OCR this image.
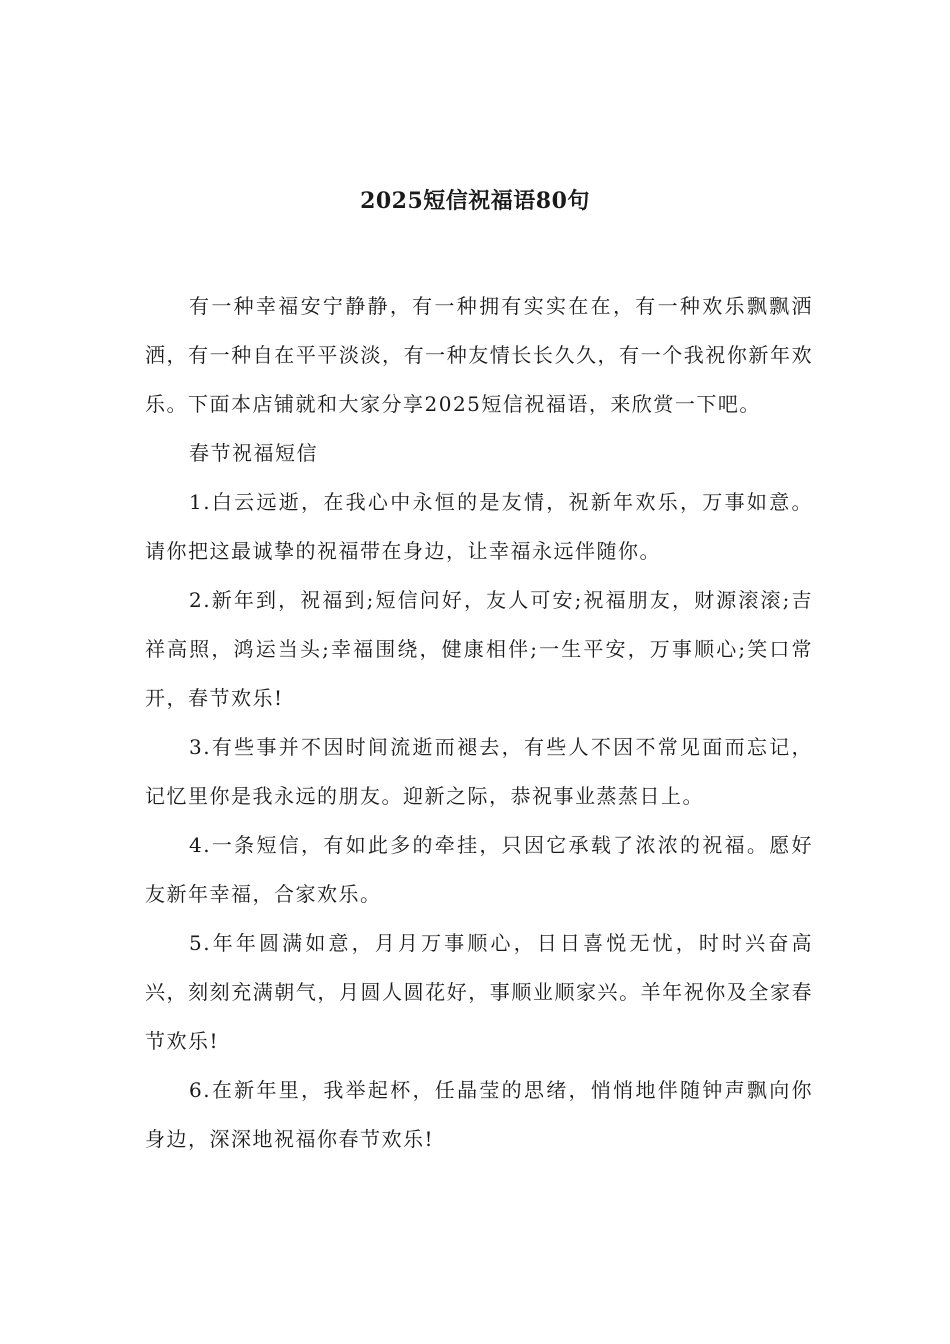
2025短信祝福语80句

有一种幸福安宁静静，有一种拥有实实在在，有一种欢乐飘飘洒洒，有一种自在平平淡淡，有一种友情长长久久，有一个我祝你新年欢乐。下面本店铺就和大家分享2025短信祝福语，来欣赏一下吧。

春节祝福短信

1.白云远逝，在我心中永恒的是友情，祝新年欢乐，万事如意。请你把这最诚挚的祝福带在身边，让幸福永远伴随你。

2.新年到，祝福到;短信问好，友人可安;祝福朋友，财源滚滚;吉祥高照，鸿运当头;幸福围绕，健康相伴;一生平安，万事顺心;笑口常开，春节欢乐!

3.有些事并不因时间流逝而褪去，有些人不因不常见面而忘记，记忆里你是我永远的朋友。迎新之际，恭祝事业蒸蒸日上。

4.一条短信，有如此多的牵挂，只因它承载了浓浓的祝福。愿好友新年幸福，合家欢乐。

5.年年圆满如意，月月万事顺心，日日喜悦无忧，时时兴奋高兴，刻刻充满朝气，月圆人圆花好，事顺业顺家兴。羊年祝你及全家春节欢乐!

6.在新年里，我举起杯，任晶莹的思绪，悄悄地伴随钟声飘向你身边，深深地祝福你春节欢乐!
